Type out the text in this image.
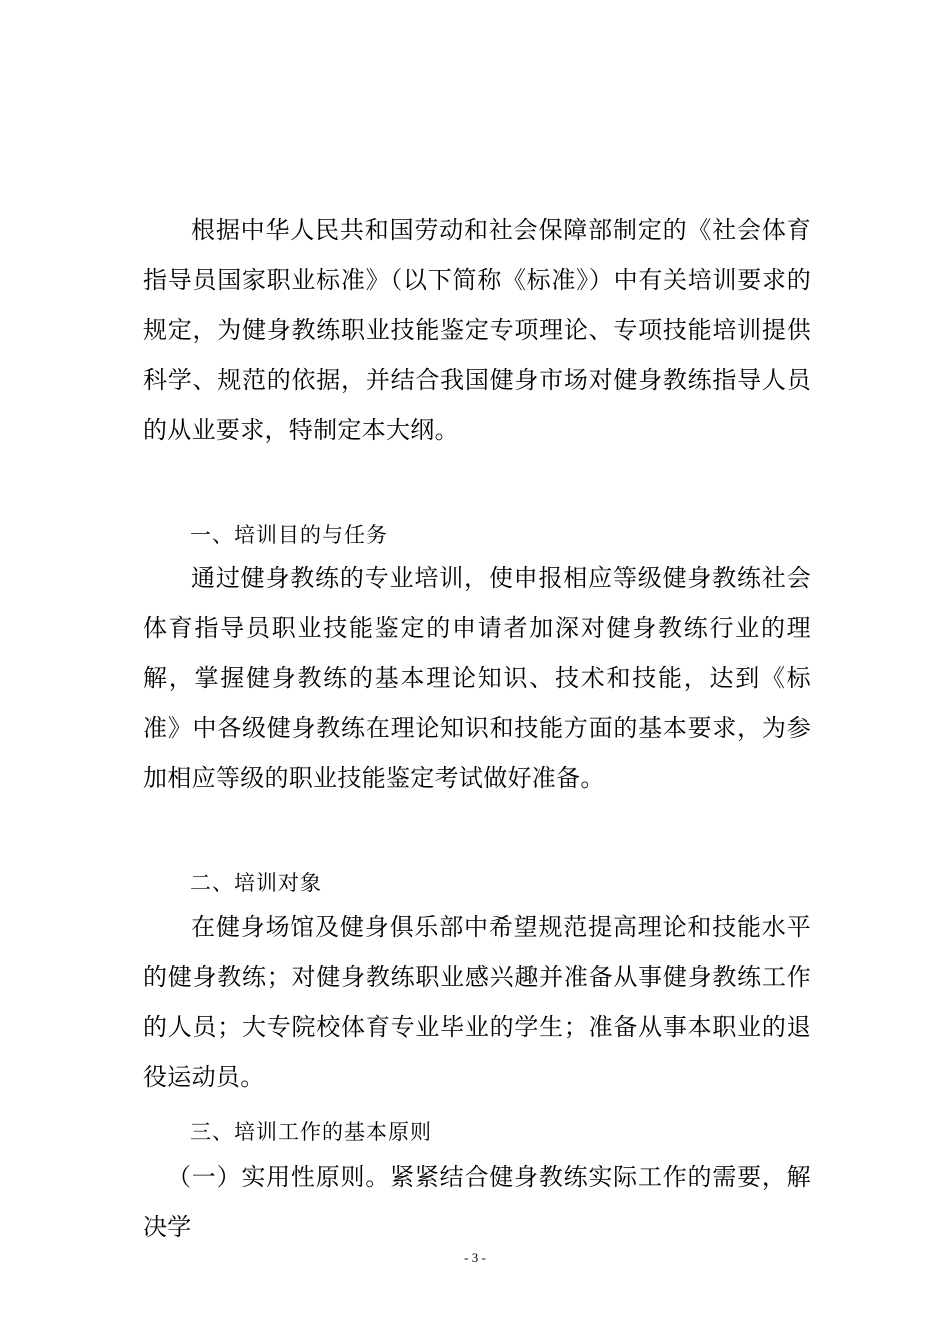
根据中华人民共和国劳动和社会保障部制定的《社会体育指导员国家职业标准》（以下简称《标准》）中有关培训要求的规定，为健身教练职业技能鉴定专项理论、专项技能培训提供科学、规范的依据，并结合我国健身市场对健身教练指导人员的从业要求，特制定本大纲。

一、培训目的与任务

通过健身教练的专业培训，使申报相应等级健身教练社会体育指导员职业技能鉴定的申请者加深对健身教练行业的理解，掌握健身教练的基本理论知识、技术和技能，达到《标准》中各级健身教练在理论知识和技能方面的基本要求，为参加相应等级的职业技能鉴定考试做好准备。

二、培训对象

在健身场馆及健身俱乐部中希望规范提高理论和技能水平的健身教练；对健身教练职业感兴趣并准备从事健身教练工作的人员；大专院校体育专业毕业的学生；准备从事本职业的退役运动员。

三、培训工作的基本原则

（一）实用性原则。紧紧结合健身教练实际工作的需要，解决学

- 3 -
